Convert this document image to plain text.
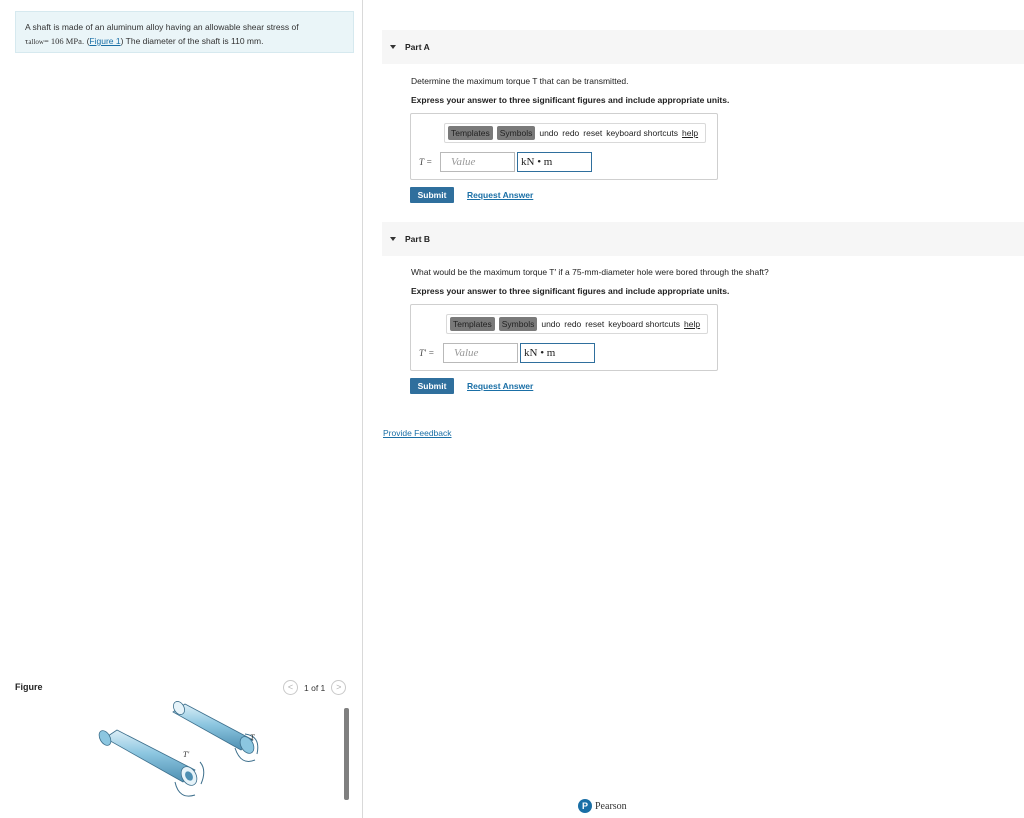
A shaft is made of an aluminum alloy having an allowable shear stress of
τallow= 106 MPa. (Figure 1) The diameter of the shaft is 110 mm.
Figure	< 1 of 1 >
T
T'
Part A
Determine the maximum torque T that can be transmitted.
Express your answer to three significant figures and include appropriate units.
Templates	Symbols undo redo reset keyboard shortcuts help
T =	Value	kN • m
Submit	Request Answer
Part B
What would be the maximum torque T′ if a 75-mm-diameter hole were bored through the shaft?
Express your answer to three significant figures and include appropriate units.
Templates	Symbols undo redo reset keyboard shortcuts help
T′ =	Value	kN • m
Submit	Request Answer
Provide Feedback
P Pearson
